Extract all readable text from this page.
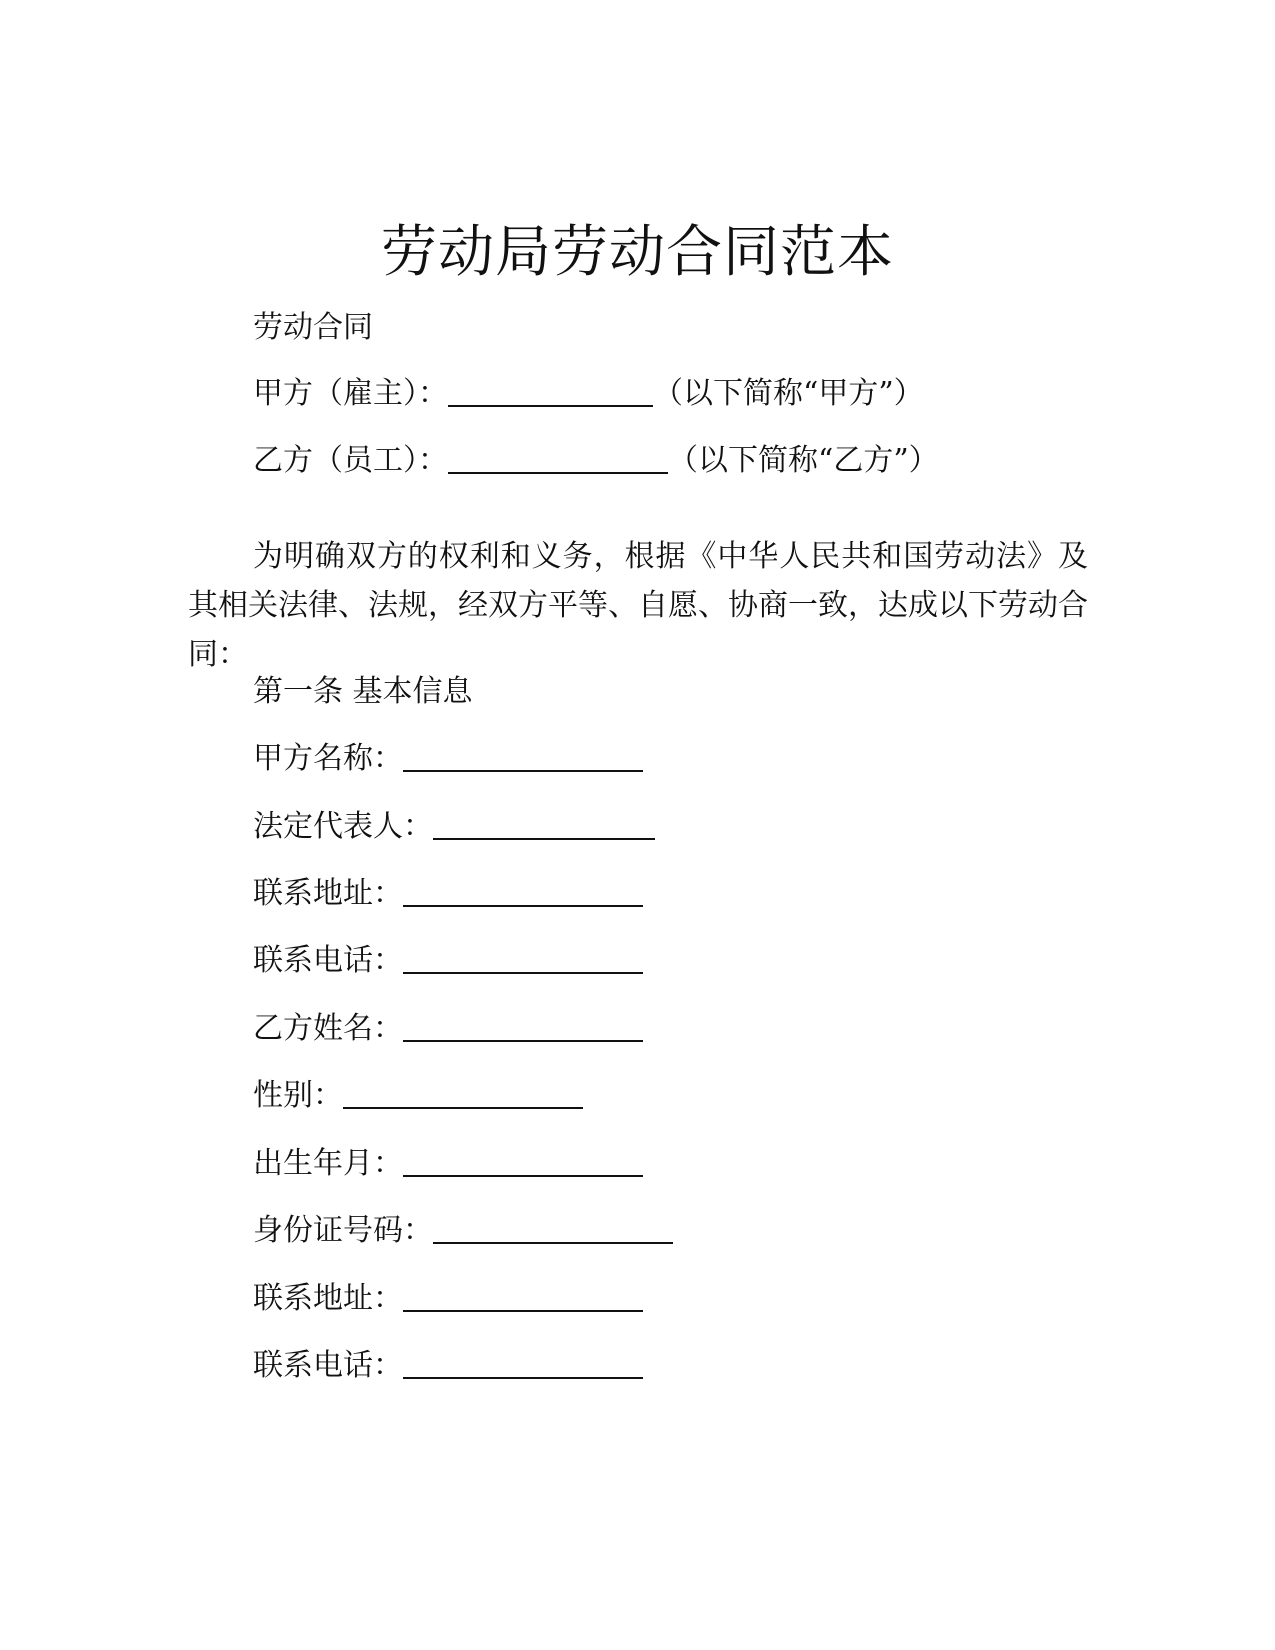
劳动局劳动合同范本
劳动合同
甲方（雇主）：	（以下简称“甲方”）
乙方（员工）：	（以下简称“乙方”）
为明确双方的权利和义务，根据《中华人民共和国劳动法》及其相关法律、法规，经双方平等、自愿、协商一致，达成以下劳动合同：
第一条 基本信息
甲方名称：
法定代表人：
联系地址：
联系电话：
乙方姓名：
性别：
出生年月：
身份证号码：
联系地址：
联系电话：
